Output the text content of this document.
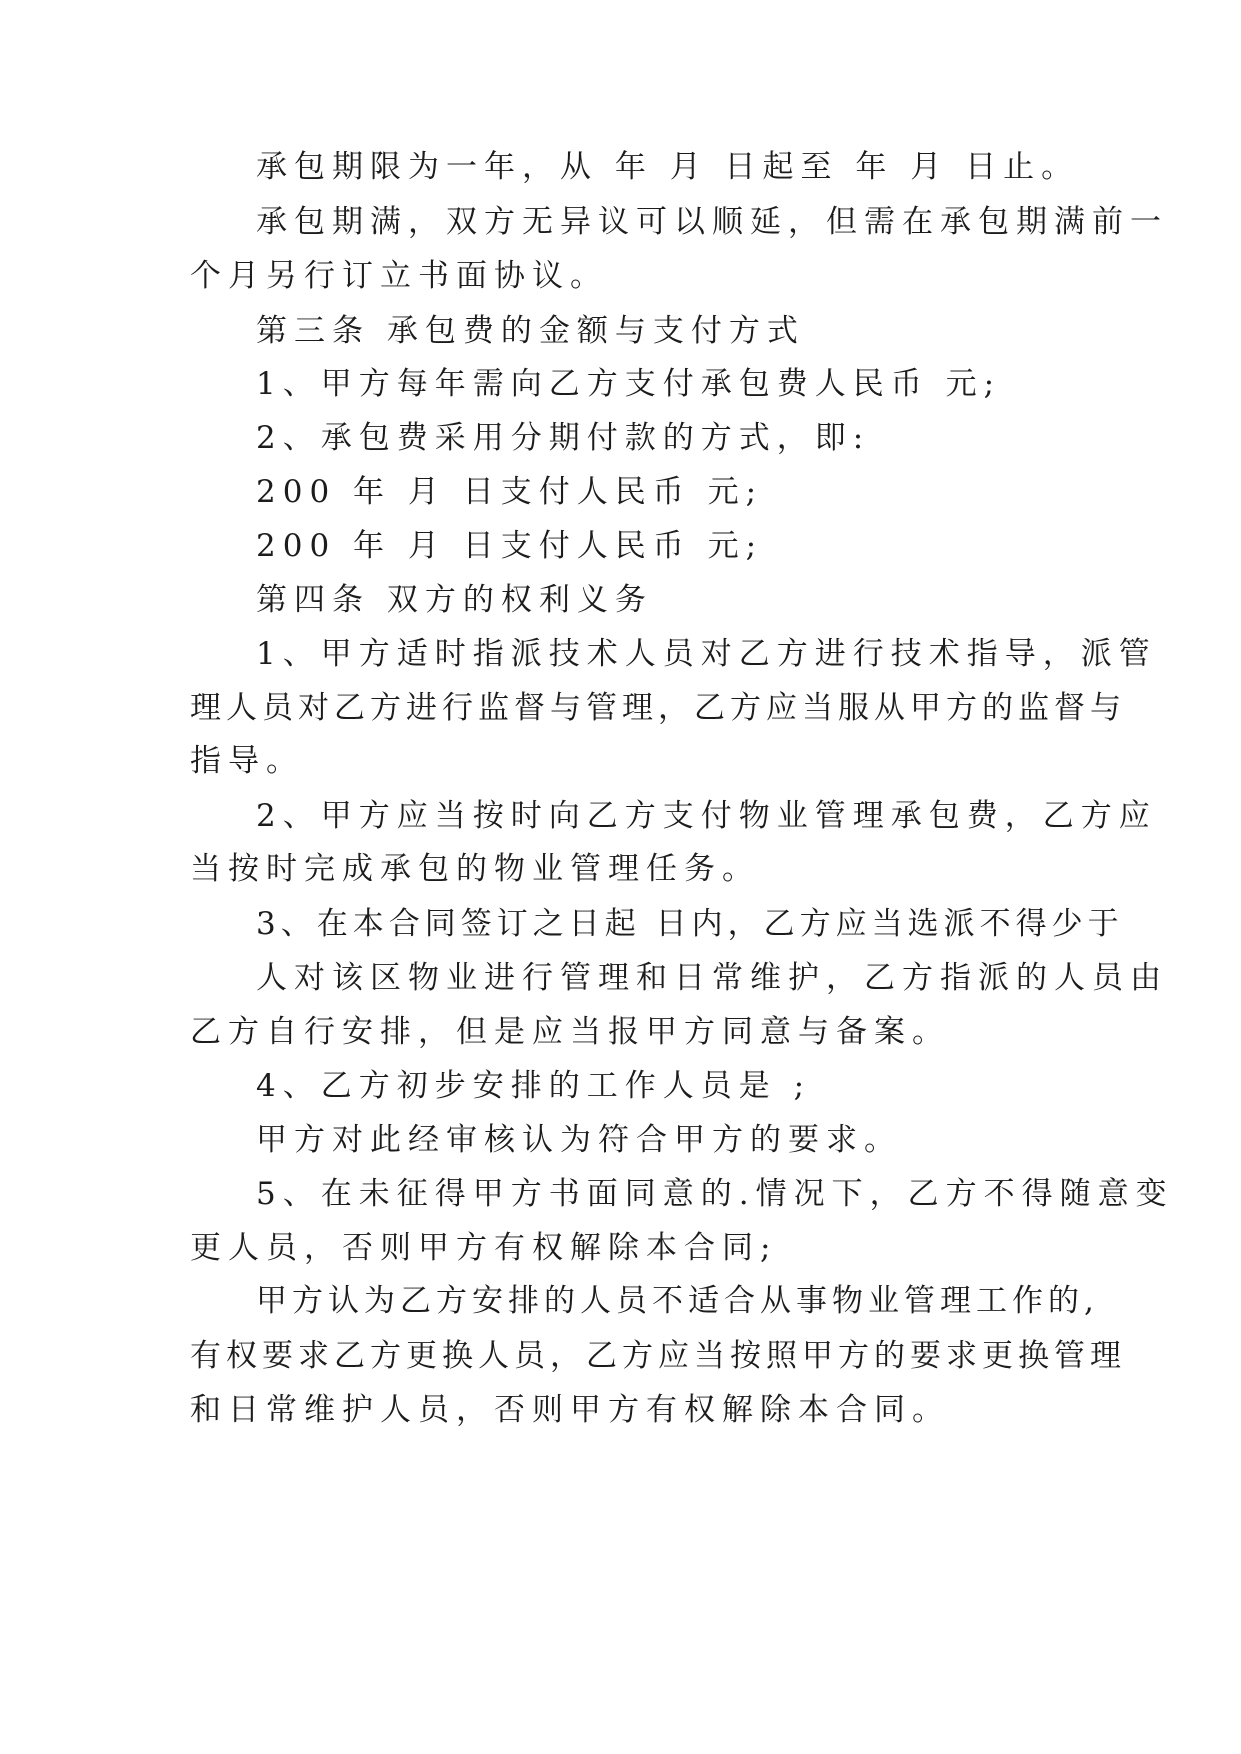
承包期限为一年，从 年 月 日起至 年 月 日止。

承包期满，双方无异议可以顺延，但需在承包期满前一

个月另行订立书面协议。

第三条 承包费的金额与支付方式

1、甲方每年需向乙方支付承包费人民币 元;

2、承包费采用分期付款的方式，即:

200 年 月 日支付人民币 元;

200 年 月 日支付人民币 元;

第四条 双方的权利义务

1、甲方适时指派技术人员对乙方进行技术指导，派管

理人员对乙方进行监督与管理，乙方应当服从甲方的监督与

指导。

2、甲方应当按时向乙方支付物业管理承包费，乙方应

当按时完成承包的物业管理任务。

3、在本合同签订之日起 日内，乙方应当选派不得少于

人对该区物业进行管理和日常维护，乙方指派的人员由

乙方自行安排，但是应当报甲方同意与备案。

4、乙方初步安排的工作人员是 ;

甲方对此经审核认为符合甲方的要求。

5、在未征得甲方书面同意的.情况下，乙方不得随意变

更人员，否则甲方有权解除本合同;

甲方认为乙方安排的人员不适合从事物业管理工作的,

有权要求乙方更换人员，乙方应当按照甲方的要求更换管理

和日常维护人员，否则甲方有权解除本合同。
